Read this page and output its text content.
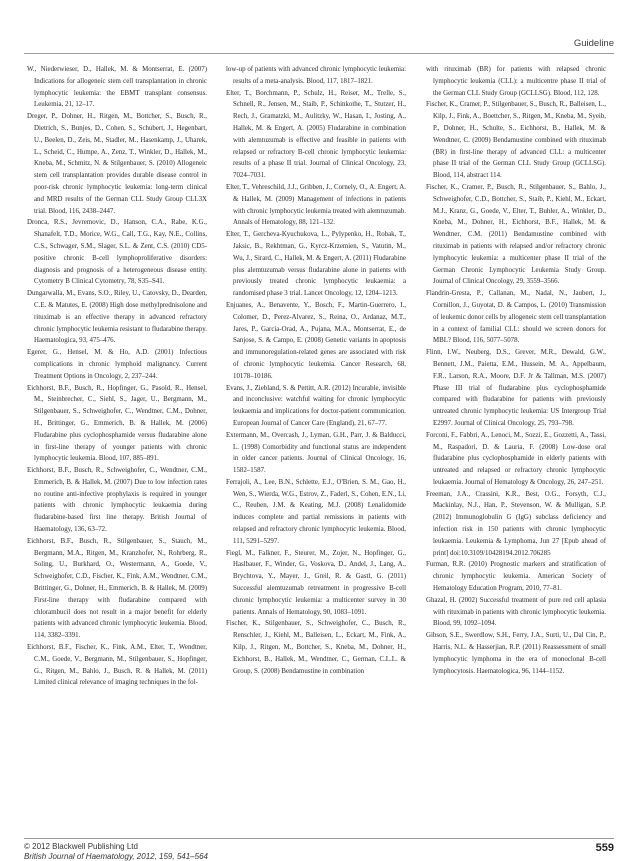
Guideline

W., Niederwieser, D., Hallek, M. & Montserrat, E. (2007) Indications for allogeneic stem cell transplantation in chronic lymphocytic leukemia: the EBMT transplant consensus. Leukemia, 21, 12–17.

Dreger, P., Dohner, H., Ritgen, M., Bottcher, S., Busch, R., Dietrich, S., Bunjes, D., Cohen, S., Schubert, J., Hegenbart, U., Beelen, D., Zeis, M., Stadler, M., Hasenkamp, J., Uharek, L., Scheid, C., Humpe, A., Zenz, T., Winkler, D., Hallek, M., Kneba, M., Schmitz, N. & Stilgenbauer, S. (2010) Allogeneic stem cell transplantation provides durable disease control in poor-risk chronic lymphocytic leukemia: long-term clinical and MRD results of the German CLL Study Group CLL3X trial. Blood, 116, 2438–2447.

Dronca, R.S., Jevremovic, D., Hanson, C.A., Rabe, K.G., Shanafelt, T.D., Morice, W.G., Call, T.G., Kay, N.E., Collins, C.S., Schwager, S.M., Slager, S.L. & Zent, C.S. (2010) CD5-positive chronic B-cell lymphoproliferative disorders: diagnosis and prognosis of a heterogeneous disease entity. Cytometry B Clinical Cytometry, 78, S35–S41.

Dungarwalla, M., Evans, S.O., Riley, U., Catovsky, D., Dearden, C.E. & Matutes, E. (2008) High dose methylprednisolone and rituximab is an effective therapy in advanced refractory chronic lymphocytic leukemia resistant to fludarabine therapy. Haematologica, 93, 475–476.

Egerer, G., Hensel, M. & Ho, A.D. (2001) Infectious complications in chronic lymphoid malignancy. Current Treatment Options in Oncology, 2, 237–244.

Eichhorst, B.F., Busch, R., Hopfinger, G., Pasold, R., Hensel, M., Steinbrecher, C., Siehl, S., Jager, U., Bergmann, M., Stilgenbauer, S., Schweighofer, C., Wendtner, C.M., Dohner, H., Brittinger, G., Emmerich, B. & Hallek, M. (2006) Fludarabine plus cyclophosphamide versus fludarabine alone in first-line therapy of younger patients with chronic lymphocytic leukemia. Blood, 107, 885–891.

Eichhorst, B.F., Busch, R., Schweighofer, C., Wendtner, C.M., Emmerich, B. & Hallek, M. (2007) Due to low infection rates no routine anti-infective prophylaxis is required in younger patients with chronic lymphocytic leukaemia during fludarabine-based first line therapy. British Journal of Haematology, 136, 63–72.

Eichhorst, B.F., Busch, R., Stilgenbauer, S., Stauch, M., Bergmann, M.A., Ritgen, M., Kranzhofer, N., Rohrberg, R., Soling, U., Burkhard, O., Westermann, A., Goede, V., Schweighofer, C.D., Fischer, K., Fink, A.M., Wendtner, C.M., Brittinger, G., Dohner, H., Emmerich, B. & Hallek, M. (2009) First-line therapy with fludarabine compared with chlorambucil does not result in a major benefit for elderly patients with advanced chronic lymphocytic leukemia. Blood, 114, 3382–3391.

Eichhorst, B.F., Fischer, K., Fink, A.M., Elter, T., Wendtner, C.M., Goede, V., Bergmann, M., Stilgenbauer, S., Hopfinger, G., Ritgen, M., Bahlo, J., Busch, R. & Hallek, M. (2011) Limited clinical relevance of imaging techniques in the fol-

low-up of patients with advanced chronic lymphocytic leukemia: results of a meta-analysis. Blood, 117, 1817–1821.

Elter, T., Borchmann, P., Schulz, H., Reiser, M., Trelle, S., Schnell, R., Jensen, M., Staib, P., Schinkothe, T., Stutzer, H., Rech, J., Gramatzki, M., Aulitzky, W., Hasan, I., Josting, A., Hallek, M. & Engert, A. (2005) Fludarabine in combination with alemtuzumab is effective and feasible in patients with relapsed or refractory B-cell chronic lymphocytic leukemia: results of a phase II trial. Journal of Clinical Oncology, 23, 7024–7031.

Elter, T., Vehreschild, J.J., Gribben, J., Cornely, O., A. Engert, A. & Hallek, M. (2009) Management of infections in patients with chronic lymphocytic leukemia treated with alemtuzumab. Annals of Hematology, 88, 121–132.

Elter, T., Gercheva-Kyuchukova, L., Pylypenko, H., Robak, T., Jaksic, B., Rekhtman, G., Kyrcz-Krzemien, S., Vatutin, M., Wu, J., Sirard, C., Hallek, M. & Engert, A. (2011) Fludarabine plus alemtuzumab versus fludarabine alone in patients with previously treated chronic lymphocytic leukaemia: a randomised phase 3 trial. Lancet Oncology, 12, 1204–1213.

Enjuanes, A., Benavente, Y., Bosch, F., Martin-Guerrero, I., Colomer, D., Perez-Alvarez, S., Reina, O., Ardanaz, M.T., Jares, P., Garcia-Orad, A., Pujana, M.A., Montserrat, E., de Sanjose, S. & Campo, E. (2008) Genetic variants in apoptosis and immunoregulation-related genes are associated with risk of chronic lymphocytic leukemia. Cancer Research, 68, 10178–10186.

Evans, J., Ziebland, S. & Pettitt, A.R. (2012) Incurable, invisible and inconclusive: watchful waiting for chronic lymphocytic leukaemia and implications for doctor-patient communication. European Journal of Cancer Care (England), 21, 67–77.

Extermann, M., Overcash, J., Lyman, G.H., Parr, J. & Balducci, L. (1998) Comorbidity and functional status are independent in older cancer patients. Journal of Clinical Oncology, 16, 1582–1587.

Ferrajoli, A., Lee, B.N., Schlette, E.J., O'Brien, S. M., Gao, H., Wen, S., Wierda, W.G., Estrov, Z., Faderl, S., Cohen, E.N., Li, C., Reuben, J.M. & Keating, M.J. (2008) Lenalidomide induces complete and partial remissions in patients with relapsed and refractory chronic lymphocytic leukemia. Blood, 111, 5291–5297.

Fiegl, M., Falkner, F., Steurer, M., Zojer, N., Hopfinger, G., Haslbauer, F., Winder, G., Voskova, D., Andel, J., Lang, A., Brychtova, Y., Mayer, J., Greil, R. & Gastl, G. (2011) Successful alemtuzumab retreatment in progressive B-cell chronic lymphocytic leukemia: a multicenter survey in 30 patients. Annals of Hematology, 90, 1083–1091.

Fischer, K., Stilgenbauer, S., Schweighofer, C., Busch, R., Renschler, J., Kiehl, M., Balleisen, L., Eckart, M., Fink, A., Kilp, J., Ritgen, M., Bottcher, S., Kneba, M., Dohner, H., Eichhorst, B., Hallek, M., Wendtner, C., German, C.L.L. & Group, S. (2008) Bendamustine in combination

with rituximab (BR) for patients with relapsed chronic lymphocytic leukemia (CLL): a multicentre phase II trial of the German CLL Study Group (GCLLSG). Blood, 112, 128.

Fischer, K., Cramer, P., Stilgenbauer, S., Busch, R., Balleisen, L., Kilp, J., Fink, A., Boettcher, S., Ritgen, M., Kneba, M., Syeib, P., Dohner, H., Schulte, S., Eichhorst, B., Hallek, M. & Wendtner, C. (2009) Bendamustine combined with rituximab (BR) in first-line therapy of advanced CLL: a multicenter phase II trial of the German CLL Study Group (GCLLSG). Blood, 114, abstract 114.

Fischer, K., Cramer, P., Busch, R., Stilgenbauer, S., Bahlo, J., Schweighofer, C.D., Bottcher, S., Staib, P., Kiehl, M., Eckart, M.J., Kranz, G., Goede, V., Elter, T., Buhler, A., Winkler, D., Kneba, M., Dohner, H., Eichhorst, B.F., Hallek, M. & Wendtner, C.M. (2011) Bendamustine combined with rituximab in patients with relapsed and/or refractory chronic lymphocytic leukemia: a multicenter phase II trial of the German Chronic Lymphocytic Leukemia Study Group. Journal of Clinical Oncology, 29, 3559–3566.

Flandrin-Gresta, P., Callanan, M., Nadal, N., Jaubert, J., Cornillon, J., Guyotat, D. & Campos, L. (2010) Transmission of leukemic donor cells by allogeneic stem cell transplantation in a context of familial CLL: should we screen donors for MBL? Blood, 116, 5077–5078.

Flinn, I.W., Neuberg, D.S., Grever, M.R., Dewald, G.W., Bennett, J.M., Paietta, E.M., Hussein, M. A., Appelbaum, F.R., Larson, R.A., Moore, D.F. Jr & Tallman, M.S. (2007) Phase III trial of fludarabine plus cyclophosphamide compared with fludarabine for patients with previously untreated chronic lymphocytic leukemia: US Intergroup Trial E2997. Journal of Clinical Oncology, 25, 793–798.

Forconi, F., Fabbri, A., Lenoci, M., Sozzi, E., Gozzetti, A., Tassi, M., Raspadori, D. & Lauria, F. (2008) Low-dose oral fludarabine plus cyclophosphamide in elderly patients with untreated and relapsed or refractory chronic lymphocytic leukaemia. Journal of Hematology & Oncology, 26, 247–251.

Freeman, J.A., Crassini, K.R., Best, O.G., Forsyth, C.J., Mackinlay, N.J., Han, P., Stevenson, W. & Mulligan, S.P. (2012) Immunoglobulin G (IgG) subclass deficiency and infection risk in 150 patients with chronic lymphocytic leukaemia. Leukemia & Lymphoma, Jun 27 [Epub ahead of print] doi:10.3109/10428194.2012.706285

Furman, R.R. (2010) Prognostic markers and stratification of chronic lymphocytic leukemia. American Society of Hematology Education Program, 2010, 77–81.

Ghazal, H. (2002) Successful treatment of pure red cell aplasia with rituximab in patients with chronic lymphocytic leukemia. Blood, 99, 1092–1094.

Gibson, S.E., Swerdlow, S.H., Ferry, J.A., Surti, U., Dal Cin, P., Harris, N.L. & Hasserjian, R.P. (2011) Reassessment of small lymphocytic lymphoma in the era of monoclonal B-cell lymphocytosis. Haematologica, 96, 1144–1152.

© 2012 Blackwell Publishing Ltd
British Journal of Haematology, 2012, 159, 541–564
559
